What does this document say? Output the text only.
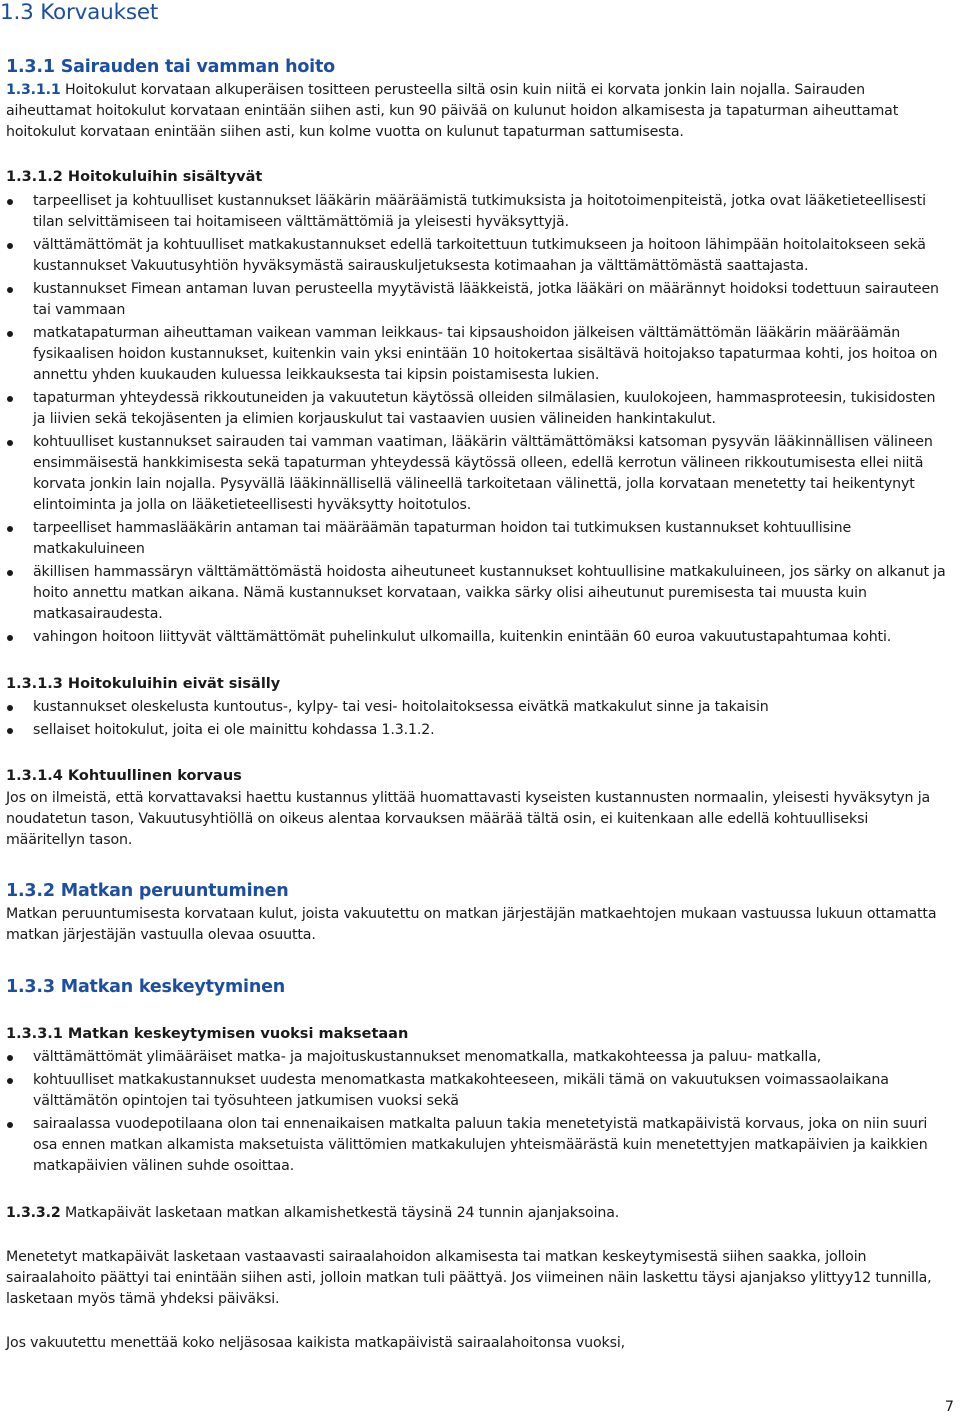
1.3 Korvaukset
1.3.1 Sairauden tai vamman hoito
1.3.1.1 Hoitokulut korvataan alkuperäisen tositteen perusteella siltä osin kuin niitä ei korvata jonkin lain nojalla. Sairauden aiheuttamat hoitokulut korvataan enintään siihen asti, kun 90 päivää on kulunut hoidon alkamisesta ja tapaturman aiheuttamat hoitokulut korvataan enintään siihen asti, kun kolme vuotta on kulunut tapaturman sattumisesta.
1.3.1.2 Hoitokuluihin sisältyvät
tarpeelliset ja kohtuulliset kustannukset lääkärin määräämistä tutkimuksista ja hoitotoimenpiteistä, jotka ovat lääketieteellisesti tilan selvittämiseen tai hoitamiseen välttämättömiä ja yleisesti hyväksyttyjä.
välttämättömät ja kohtuulliset matkakustannukset edellä tarkoitettuun tutkimukseen ja hoitoon lähimpään hoitolaitokseen sekä kustannukset Vakuutusyhtiön hyväksymästä sairauskuljetuksesta kotimaahan ja välttämättömästä saattajasta.
kustannukset Fimean antaman luvan perusteella myytävistä lääkkeistä, jotka lääkäri on määrännyt hoidoksi todettuun sairauteen tai vammaan
matkatapaturman aiheuttaman vaikean vamman leikkaus- tai kipsaushoidon jälkeisen välttämättömän lääkärin määräämän fysikaalisen hoidon kustannukset, kuitenkin vain yksi enintään 10 hoitokertaa sisältävä hoitojakso tapaturmaa kohti, jos hoitoa on annettu yhden kuukauden kuluessa leikkauksesta tai kipsin poistamisesta lukien.
tapaturman yhteydessä rikkoutuneiden ja vakuutetun käytössä olleiden silmälasien, kuulokojeen, hammasproteesin, tukisidosten ja liivien sekä tekojäsenten ja elimien korjauskulut tai vastaavien uusien välineiden hankintakulut.
kohtuulliset kustannukset sairauden tai vamman vaatiman, lääkärin välttämättömäksi katsoman pysyvän lääkinnällisen välineen ensimmäisestä hankkimisesta sekä tapaturman yhteydessä käytössä olleen, edellä kerrotun välineen rikkoutumisesta ellei niitä korvata jonkin lain nojalla. Pysyvällä lääkinnällisellä välineellä tarkoitetaan välinettä, jolla korvataan menetetty tai heikentynyt elintoiminta ja jolla on lääketieteellisesti hyväksytty hoitotulos.
tarpeelliset hammaslääkärin antaman tai määräämän tapaturman hoidon tai tutkimuksen kustannukset kohtuullisine matkakuluineen
äkillisen hammassäryn välttämättömästä hoidosta aiheutuneet kustannukset kohtuullisine matkakuluineen, jos särky on alkanut ja hoito annettu matkan aikana. Nämä kustannukset korvataan, vaikka särky olisi aiheutunut puremisesta tai muusta kuin matkasairaudesta.
vahingon hoitoon liittyvät välttämättömät puhelinkulut ulkomailla, kuitenkin enintään 60 euroa vakuutustapahtumaa kohti.
1.3.1.3 Hoitokuluihin eivät sisälly
kustannukset oleskelusta kuntoutus-, kylpy- tai vesi- hoitolaitoksessa eivätkä matkakulut sinne ja takaisin
sellaiset hoitokulut, joita ei ole mainittu kohdassa 1.3.1.2.
1.3.1.4 Kohtuullinen korvaus
Jos on ilmeistä, että korvattavaksi haettu kustannus ylittää huomattavasti kyseisten kustannusten normaalin, yleisesti hyväksytyn ja noudatetun tason, Vakuutusyhtiöllä on oikeus alentaa korvauksen määrää tältä osin, ei kuitenkaan alle edellä kohtuulliseksi määritellyn tason.
1.3.2 Matkan peruuntuminen
Matkan peruuntumisesta korvataan kulut, joista vakuutettu on matkan järjestäjän matkaehtojen mukaan vastuussa lukuun ottamatta matkan järjestäjän vastuulla olevaa osuutta.
1.3.3 Matkan keskeytyminen
1.3.3.1 Matkan keskeytymisen vuoksi maksetaan
välttämättömät ylimääräiset matka- ja majoituskustannukset menomatkalla, matkakohteessa ja paluu- matkalla,
kohtuulliset matkakustannukset uudesta menomatkasta matkakohteeseen, mikäli tämä on vakuutuksen voimassaolaikana välttämätön opintojen tai työsuhteen jatkumisen vuoksi sekä
sairaalassa vuodepotilaana olon tai ennenaikaisen matkalta paluun takia menetetyistä matkapäivistä korvaus, joka on niin suuri osa ennen matkan alkamista maksetuista välittömien matkakulujen yhteismäärästä kuin menetettyjen matkapäivien ja kaikkien matkapäivien välinen suhde osoittaa.
1.3.3.2 Matkapäivät lasketaan matkan alkamishetkestä täysinä 24 tunnin ajanjaksoina.
Menetetyt matkapäivät lasketaan vastaavasti sairaalahoidon alkamisesta tai matkan keskeytymisestä siihen saakka, jolloin sairaalahoito päättyi tai enintään siihen asti, jolloin matkan tuli päättyä. Jos viimeinen näin laskettu täysi ajanjakso ylittyy12 tunnilla, lasketaan myös tämä yhdeksi päiväksi.
Jos vakuutettu menettää koko neljäsosaa kaikista matkapäivistä sairaalahoitonsa vuoksi,
7
